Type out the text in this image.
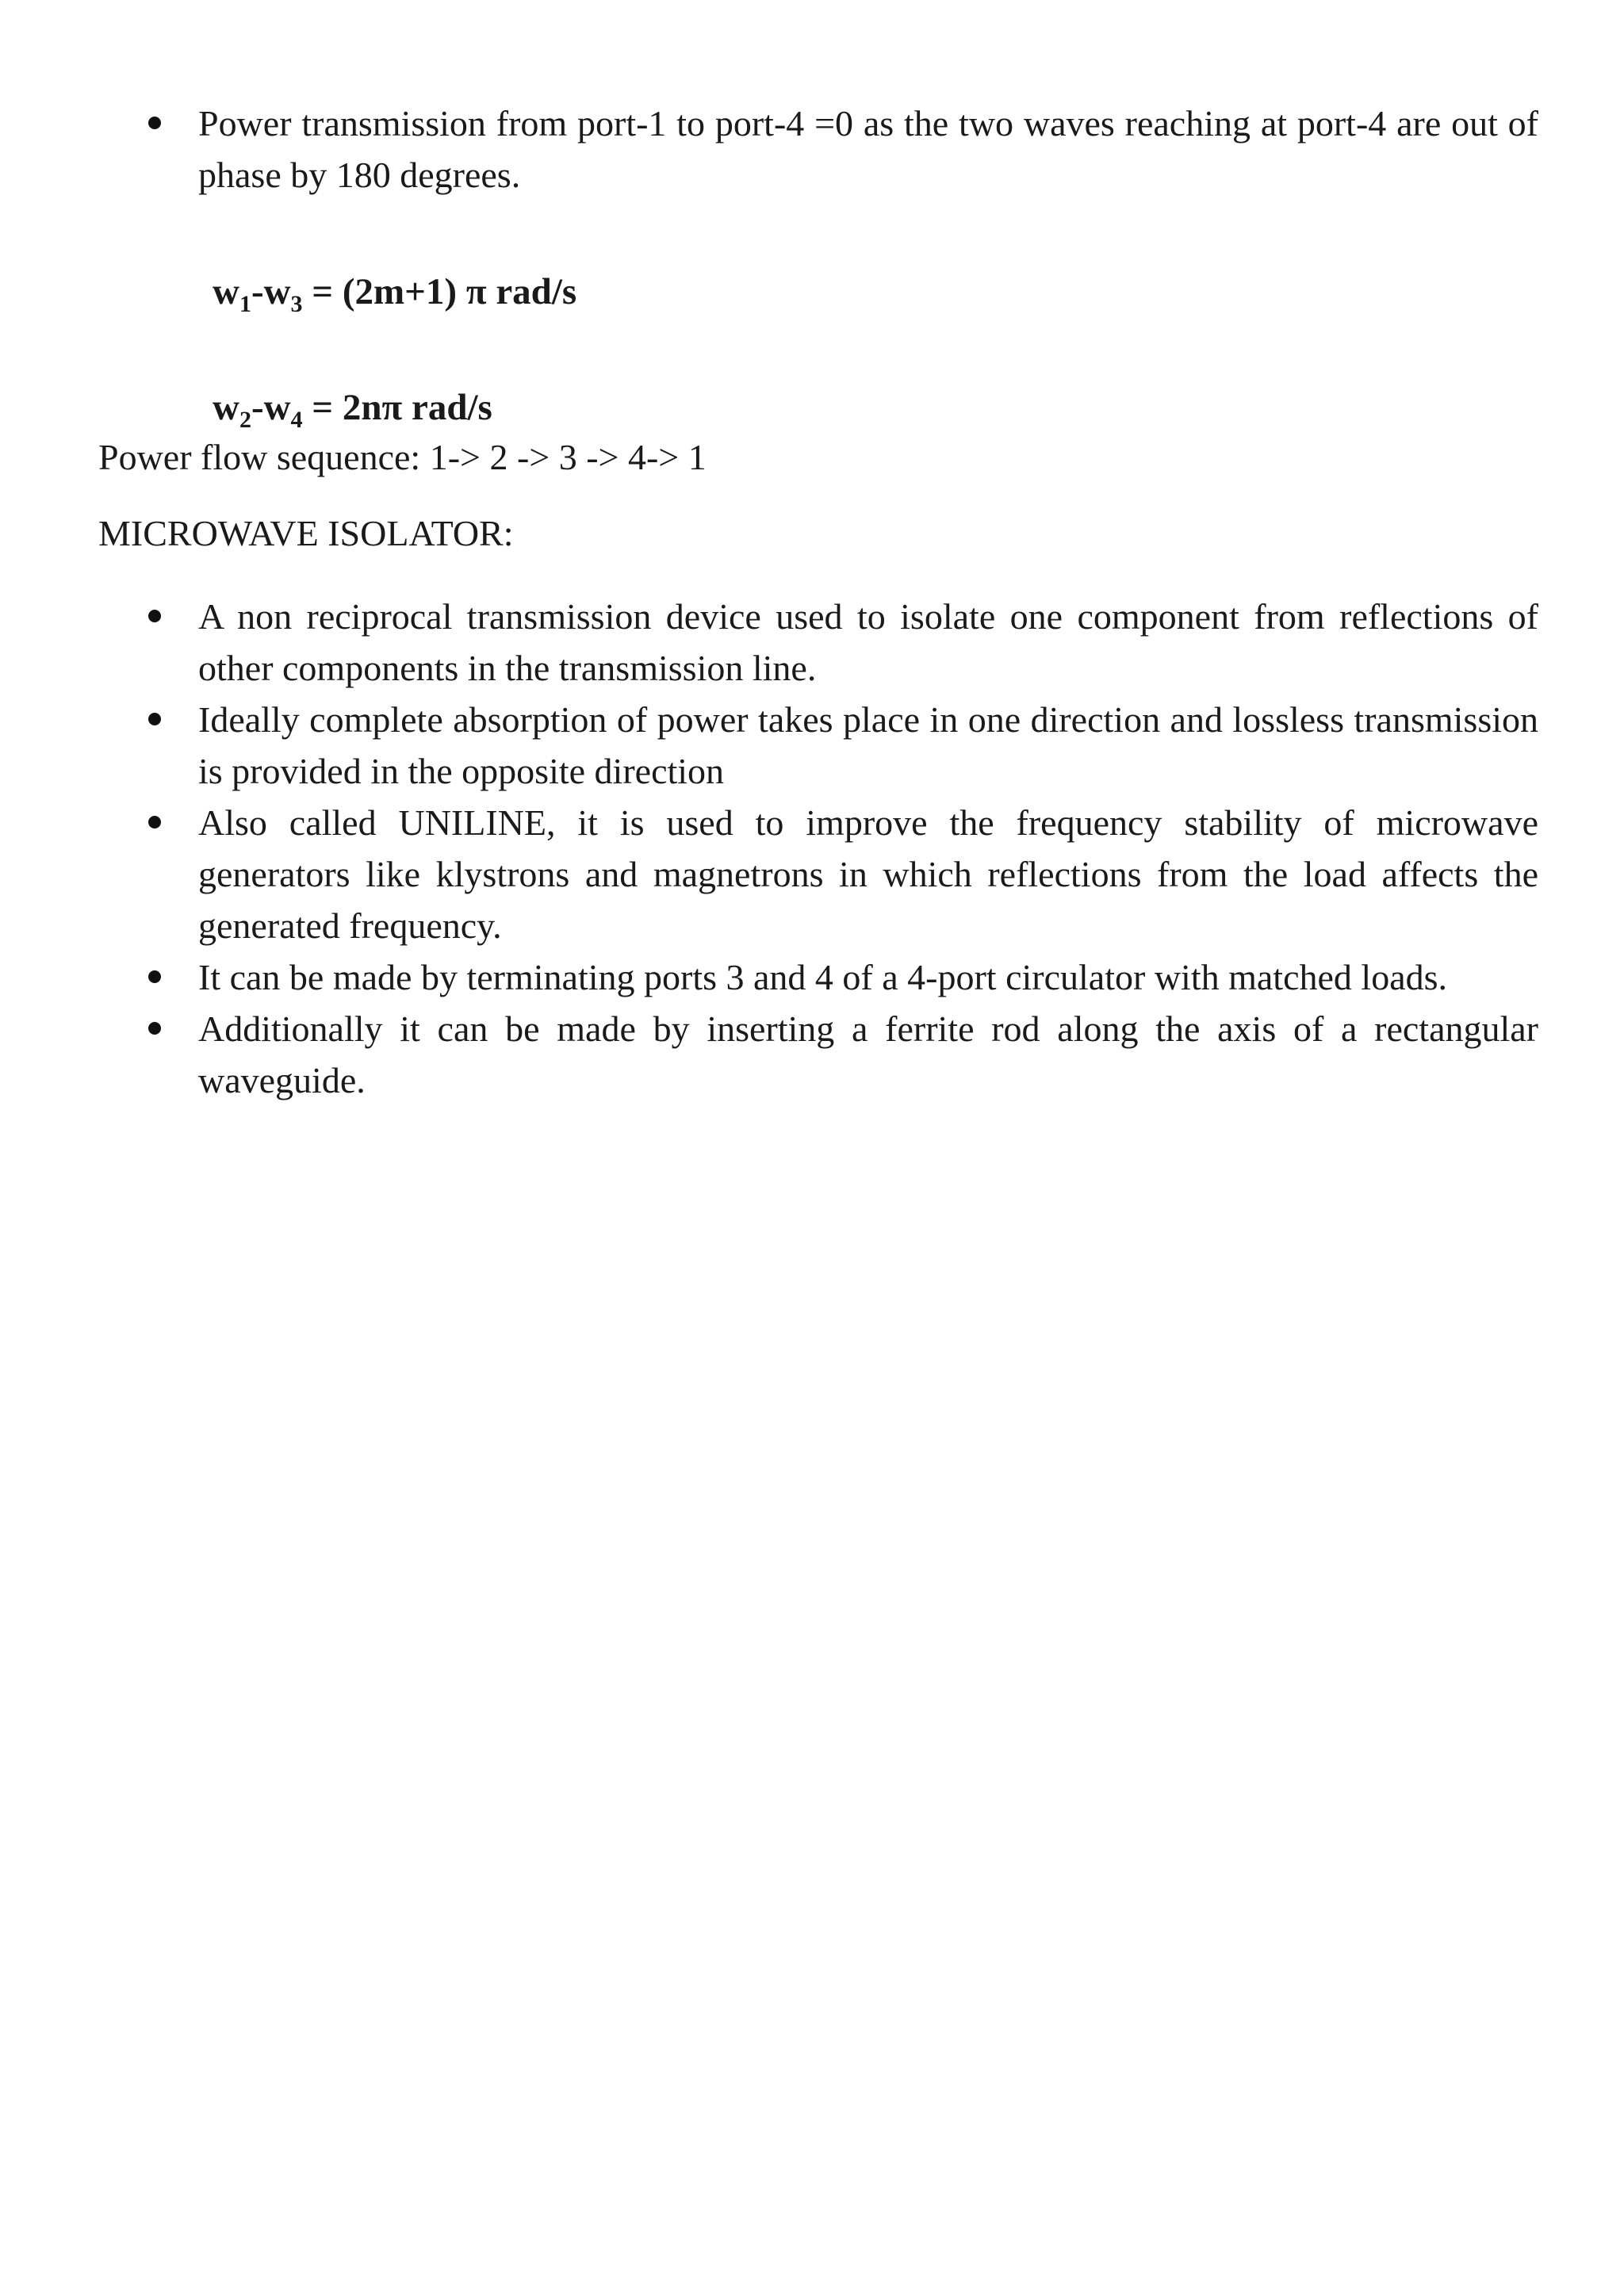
Power transmission from port-1 to port-4 =0 as the two waves reaching at port-4 are out of phase by 180 degrees.
$w_1-w_3 = (2m+1)$ π rad/s
$w_2-w_4 = 2n\pi$ rad/s
Power flow sequence: 1-> 2 -> 3 -> 4-> 1
MICROWAVE ISOLATOR:
A non reciprocal transmission device used to isolate one component from reflections of other components in the transmission line.
Ideally complete absorption of power takes place in one direction and lossless transmission is provided in the opposite direction
Also called UNILINE, it is used to improve the frequency stability of microwave generators like klystrons and magnetrons in which reflections from the load affects the generated frequency.
It can be made by terminating ports 3 and 4 of a 4-port circulator with matched loads.
Additionally it can be made by inserting a ferrite rod along the axis of a rectangular waveguide.
